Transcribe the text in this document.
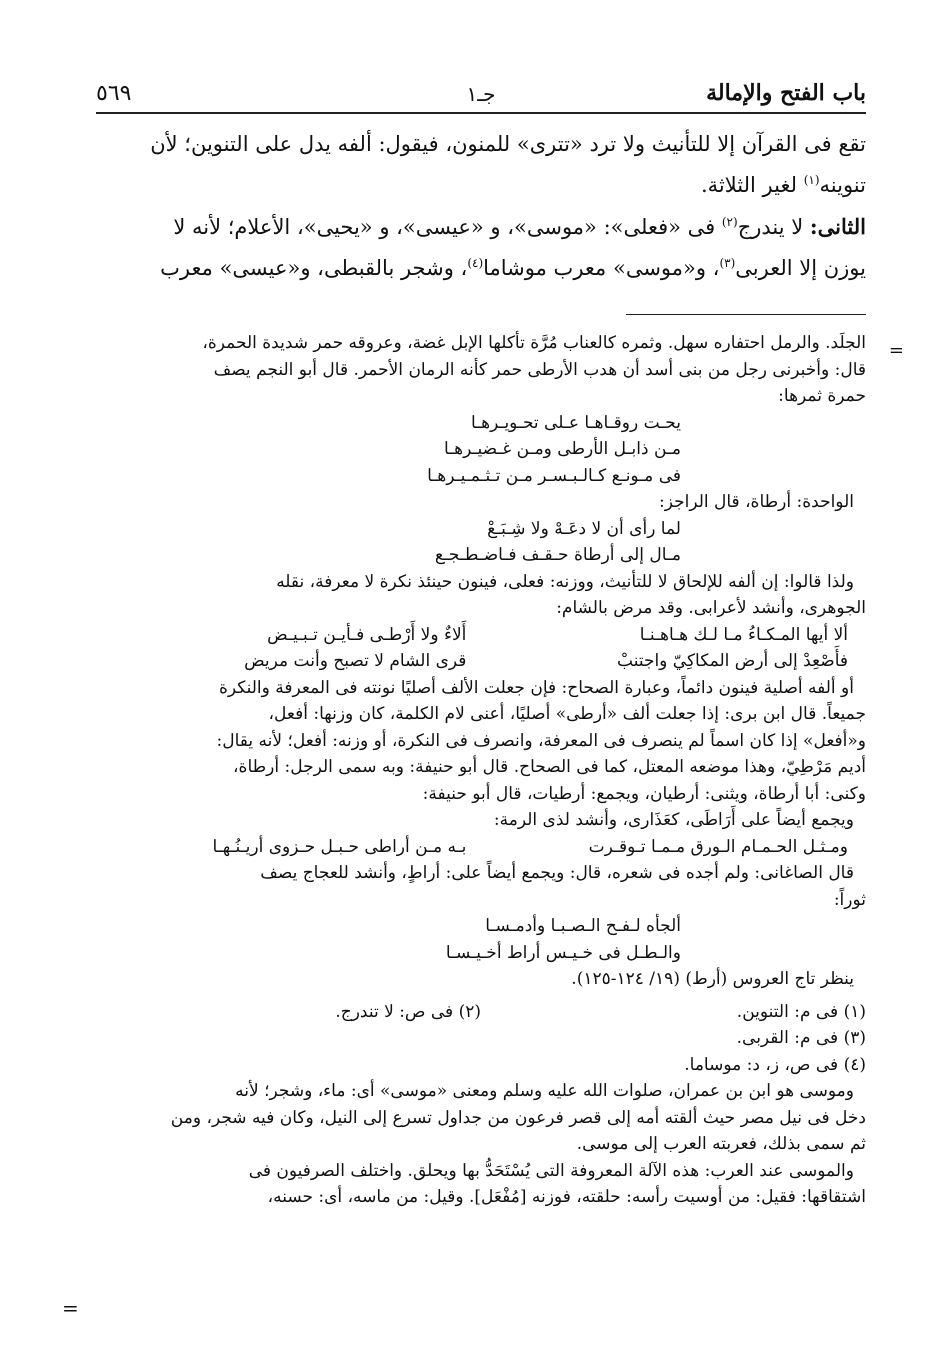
باب الفتح والإمالة
جـ۱
٥٦٩

تقع فى القرآن إلا للتأنيث ولا ترد «تترى» للمنون، فيقول: ألفه يدل على التنوين؛ لأن

تنوينه$^{(١)}$ لغير الثلاثة.

الثانى: لا يندرج$^{(٢)}$ فى «فعلى»: «موسى»، و «عيسى»، و «يحيى»، الأعلام؛ لأنه لا

يوزن إلا العربى$^{(٣)}$، و«موسى» معرب موشاما$^{(٤)}$، وشجر بالقبطى، و«عيسى» معرب

=

الجلَد. والرمل احتفاره سهل. وثمره كالعناب مُرَّة تأكلها الإبل غضة، وعروقه حمر شديدة الحمرة،

قال: وأخبرنى رجل من بنى أسد أن هدب الأرطى حمر كأنه الرمان الأحمر. قال أبو النجم يصف

حمرة ثمرها:

يحـت روقـاهـا عـلى تحـويـرهـا

مـن ذابـل الأرطى ومـن غـضيـرهـا

فى مـونـع كـالـبـسـر مـن تـثـمـيـرهـا

الواحدة: أرطاة، قال الراجز:

لما رأى أن لا دعَـهْ ولا شِـبَـعْ

مـال إلى أرطاة حـقـف فـاضـطـجـع

ولذا قالوا: إن ألفه للإلحاق لا للتأنيث، ووزنه: فعلى، فينون حينئذ نكرة لا معرفة، نقله

الجوهرى، وأنشد لأعرابى. وقد مرض بالشام:

ألا أيها المـكـاءُ مـا لـك هـاهـنـا
أَلاءٌ ولا أَرْطـى فـأيـن تـبـيـض
فأَصْعِدْ إلى أرض المكاكِيّ واجتنبْ
قرى الشام لا تصبح وأنت مريض

أو ألفه أصلية فينون دائماً، وعبارة الصحاح: فإن جعلت الألف أصليًا نونته فى المعرفة والنكرة

جميعاً. قال ابن برى: إذا جعلت ألف «أرطى» أصليًا، أعنى لام الكلمة، كان وزنها: أفعل،

و«أفعل» إذا كان اسماً لم ينصرف فى المعرفة، وانصرف فى النكرة، أو وزنه: أفعل؛ لأنه يقال:

أديم مَرْطِيّ، وهذا موضعه المعتل، كما فى الصحاح. قال أبو حنيفة: وبه سمى الرجل: أرطاة،

وكنى: أبا أرطاة، ويثنى: أرطيان، ويجمع: أرطيات، قال أبو حنيفة:

ويجمع أيضاً على أَرَاطَى، كعَذَارى، وأنشد لذى الرمة:

ومـثـل الحـمـام الـورق مـمـا تـوقـرت
بـه مـن أراطى حـبـل حـزوى أريـنُـهـا

قال الصاغانى: ولم أجده فى شعره، قال: ويجمع أيضاً على: أراطٍ، وأنشد للعجاج يصف

ثوراً:

ألجأه لـفـح الـصـبـا وأدمـسـا

والـطـل فى خـيـس أراط أخـيـسـا

ينظر تاج العروس (أرط) (١٩/ ١٢٤-١٢٥).

(١) فى م: التنوين.
(٢) فى ص: لا تندرج.
(٣) فى م: القربى.
(٤) فى ص، ز، د: موساما.

وموسى هو ابن بن عمران، صلوات الله عليه وسلم ومعنى «موسى» أى: ماء، وشجر؛ لأنه

دخل فى نيل مصر حيث ألقته أمه إلى قصر فرعون من جداول تسرع إلى النيل، وكان فيه شجر، ومن

ثم سمى بذلك، فعربته العرب إلى موسى.

والموسى عند العرب: هذه الآلة المعروفة التى يُسْتَحَدُّ بها ويحلق. واختلف الصرفيون فى

اشتقاقها: فقيل: من أوسيت رأسه: حلقته، فوزنه [مُفْعَل]. وقيل: من ماسه، أى: حسنه،

=
